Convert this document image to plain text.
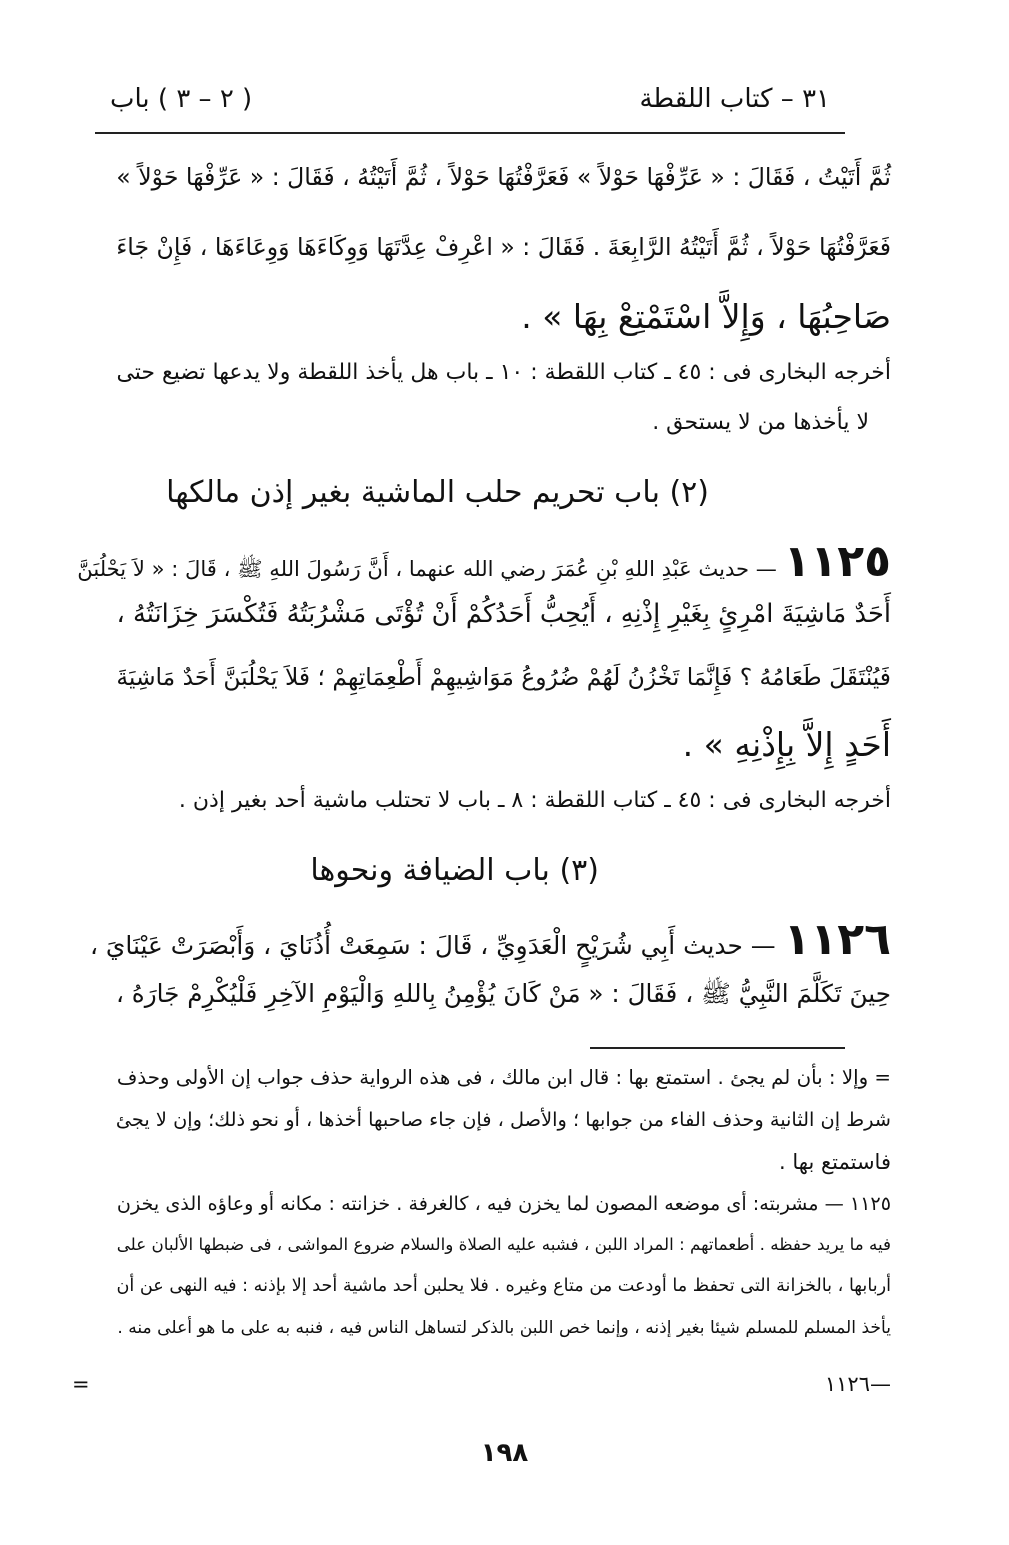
٣١ – كتاب اللقطة
( ٢ – ٣ ) باب
ثُمَّ أَتَيْتُ ، فَقَالَ : « عَرِّفْهَا حَوْلاً » فَعَرَّفْتُهَا حَوْلاً ، ثُمَّ أَتَيْتُهُ ، فَقَالَ : « عَرِّفْهَا حَوْلاً »
فَعَرَّفْتُهَا حَوْلاً ، ثُمَّ أَتَيْتُهُ الرَّابِعَةَ . فَقَالَ : « اعْرِفْ عِدَّتَهَا وَوِكَاءَهَا وَوِعَاءَهَا ، فَإِنْ جَاءَ
صَاحِبُهَا ، وَإِلاَّ اسْتَمْتِعْ بِهَا » .
أخرجه البخارى فى : ٤٥ ـ كتاب اللقطة : ١٠ ـ باب هل يأخذ اللقطة ولا يدعها تضيع حتى
لا يأخذها من لا يستحق .
(٢) باب تحريم حلب الماشية بغير إذن مالكها
١١٢٥ — حديث عَبْدِ اللهِ بْنِ عُمَرَ رضي الله عنهما ، أَنَّ رَسُولَ اللهِ ﷺ ، قَالَ : « لاَ يَحْلُبَنَّ
أَحَدٌ مَاشِيَةَ امْرِئٍ بِغَيْرِ إِذْنِهِ ، أَيُحِبُّ أَحَدُكُمْ أَنْ تُؤْتَى مَشْرُبَتُهُ فَتُكْسَرَ خِزَانَتُهُ ،
فَيُنْتَقَلَ طَعَامُهُ ؟ فَإِنَّمَا تَخْزُنُ لَهُمْ ضُرُوعُ مَوَاشِيهِمْ أَطْعِمَاتِهِمْ ؛ فَلاَ يَحْلُبَنَّ أَحَدٌ مَاشِيَةَ
أَحَدٍ إِلاَّ بِإِذْنِهِ » .
أخرجه البخارى فى : ٤٥ ـ كتاب اللقطة : ٨ ـ باب لا تحتلب ماشية أحد بغير إذن .
(٣) باب الضيافة ونحوها
١١٢٦ — حديث أَبِي شُرَيْحٍ الْعَدَوِيِّ ، قَالَ : سَمِعَتْ أُذُنَايَ ، وَأَبْصَرَتْ عَيْنَايَ ،
حِينَ تَكَلَّمَ النَّبِيُّ ﷺ ، فَقَالَ : « مَنْ كَانَ يُؤْمِنُ بِاللهِ وَالْيَوْمِ الآخِرِ فَلْيُكْرِمْ جَارَهُ ،
= وإلا : بأن لم يجئ . استمتع بها : قال ابن مالك ، فى هذه الرواية حذف جواب إن الأولى وحذف
شرط إن الثانية وحذف الفاء من جوابها ؛ والأصل ، فإن جاء صاحبها أخذها ، أو نحو ذلك؛ وإن لا يجئ
فاستمتع بها .
١١٢٥ — مشربته: أى موضعه المصون لما يخزن فيه ، كالغرفة . خزانته : مكانه أو وعاؤه الذى يخزن
فيه ما يريد حفظه . أطعماتهم : المراد اللبن ، فشبه عليه الصلاة والسلام ضروع المواشى ، فى ضبطها الألبان على
أربابها ، بالخزانة التى تحفظ ما أودعت من متاع وغيره . فلا يحلبن أحد ماشية أحد إلا بإذنه : فيه النهى عن أن
يأخذ المسلم للمسلم شيئا بغير إذنه ، وإنما خص اللبن بالذكر لتساهل الناس فيه ، فنبه به على ما هو أعلى منه .
١١٢٦—
=
١٩٨
